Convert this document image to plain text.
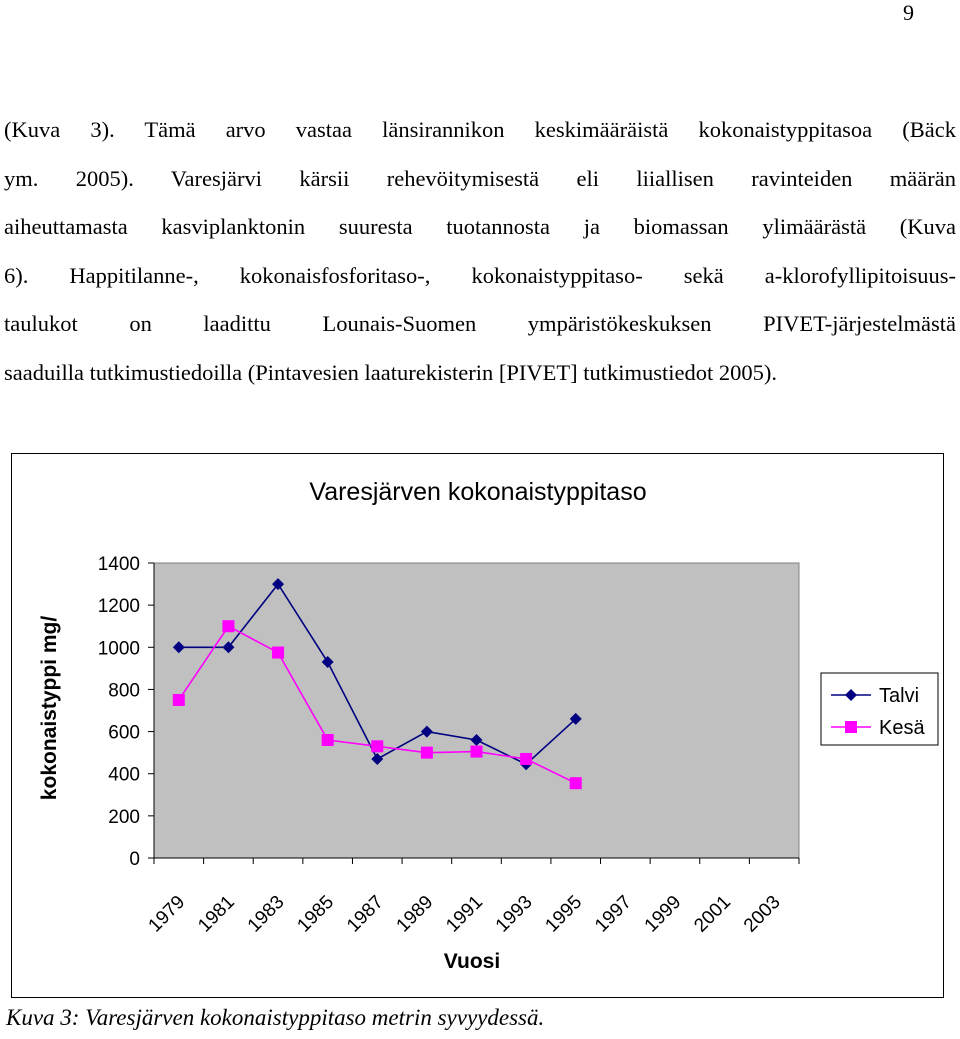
9
(Kuva 3). Tämä arvo vastaa länsirannikon keskimääräistä kokonaistyppitasoa (Bäck
ym. 2005). Varesjärvi kärsii rehevöitymisestä eli liiallisen ravinteiden määrän
aiheuttamasta kasviplanktonin suuresta tuotannosta ja biomassan ylimäärästä (Kuva
6). Happitilanne-, kokonaisfosforitaso-, kokonaistyppitaso- sekä a-klorofyllipitoisuus-
taulukot on laadittu Lounais-Suomen ympäristökeskuksen PIVET-järjestelmästä
saaduilla tutkimustiedoilla (Pintavesien laaturekisterin [PIVET] tutkimustiedot 2005).
Varesjärven kokonaistyppitaso
kokonaistyppi mg/
Vuosi
0
200
400
600
800
1000
1200
1400
1979 1981 1983 1985 1987 1989 1991 1993 1995 1997 1999 2001 2003
Talvi
Kesä
Kuva 3: Varesjärven kokonaistyppitaso metrin syvyydessä.
